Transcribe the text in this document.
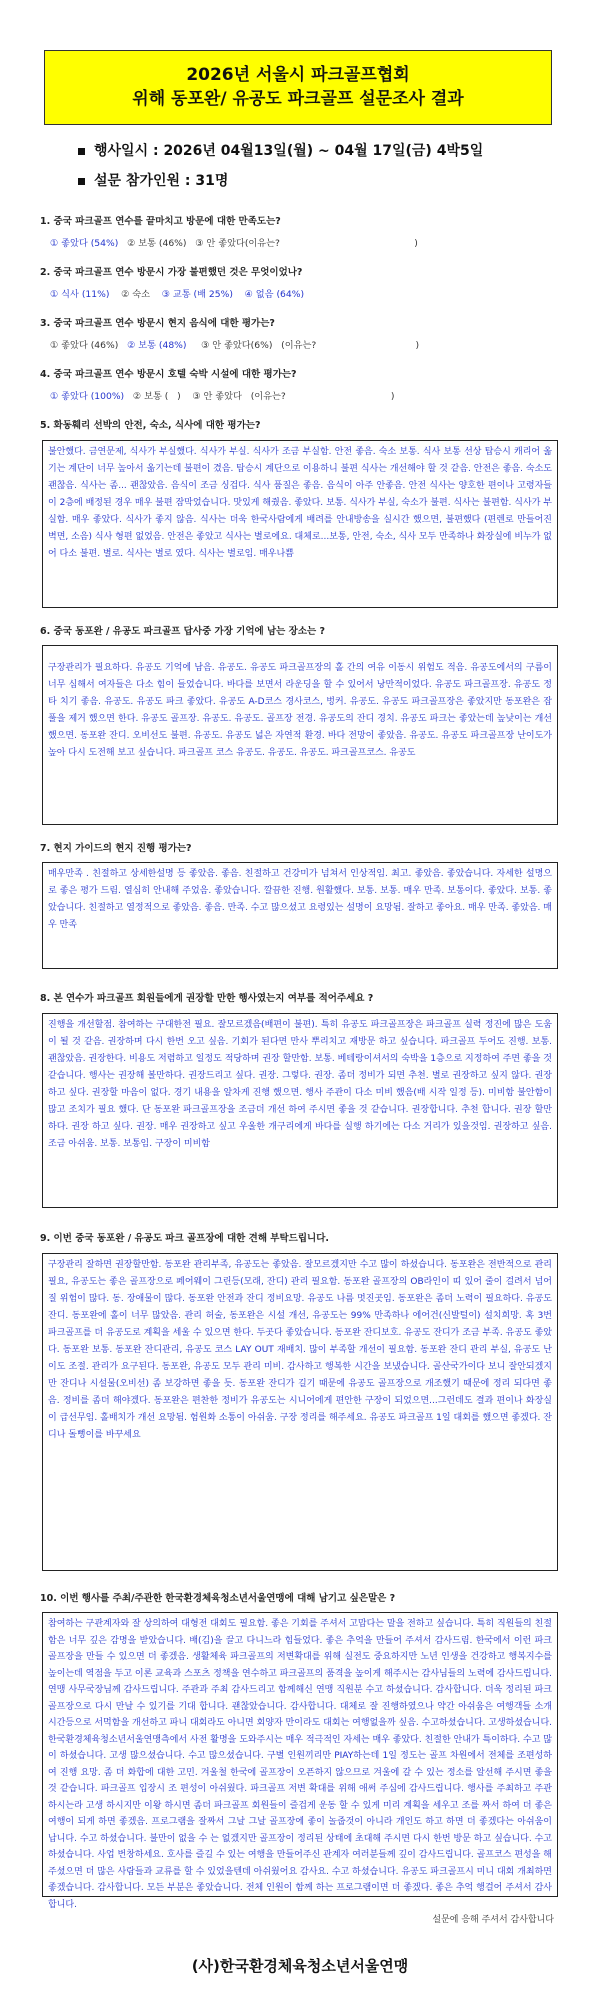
2026년 서울시 파크골프협회
위해 동포완/ 유공도 파크골프 설문조사 결과
행사일시 : 2026년 04월13일(월) ~ 04월 17일(금) 4박5일
설문 참가인원 : 31명
1. 중국 파크골프 연수를 끝마치고 방문에 대한 만족도는?
① 좋았다 (54%) ② 보통 (46%) ③ 안 좋았다(이유는?                                              )
2. 중국 파크골프 연수 방문시 가장 불편했던 것은 무엇이었나?
① 식사 (11%) ② 숙소 ③ 교통 (배 25%) ④ 없음 (64%)
3. 중국 파크골프 연수 방문시 현지 음식에 대한 평가는?
① 좋았다 (46%) ② 보통 (48%) ③ 안 좋았다(6%)   (이유는?                                  )
4. 중국 파크골프 연수 방문시 호텔 숙박 시설에 대한 평가는?
① 좋았다 (100%) ② 보통 (   ) ③ 안 좋았다   (이유는?                                    )
5. 화동훼리 선박의 안전, 숙소, 식사에 대한 평가는?
불안했다. 금연문제, 식사가 부실했다. 식사가 부실. 식사가 조금 부실함. 안전 좋음. 숙소 보통. 식사 보통 선상 탑승시 캐리어 옮기는 계단이 너무 높아서 옮기는데 불편이 겼음. 탑승시 계단으로 이용하니 불편 식사는 개선해야 할 것 같음. 안전은 좋음. 숙소도 괜찮음. 식사는 좀... 괜찮았음. 음식이 조금 싱겁다. 식사 품질은 좋음. 음식이 아주 안좋음. 안전 식사는 양호한 편이나 고령자들이 2층에 배정된 경우 매우 불편 잠막었습니다. 맛있게 해줬음. 좋았다. 보통. 식사가 부실, 숙소가 불편. 식사는 불편함. 식사가 부실함. 매우 좋았다. 식사가 좋지 않음. 식사는 더욱 한국사람에게 배려를 안내방송을 실시간 했으면, 불편했다 (편렌로 만들어진 벽면, 소음) 식사 형편 없었음. 안전은 좋았고 식사는 별로에요. 대체로...보통, 안전, 숙소, 식사 모두 만족하나 화장실에 비누가 없어 다소 불편. 별로. 식사는 별로 였다. 식사는 별로임. 매우나쁨
6. 중국 동포완 / 유공도 파크골프 답사중 가장 기억에 남는 장소는 ?
구장관리가 필요하다. 유공도 기억에 남음. 유공도. 유공도 파크골프장의 홀 간의 여유 이동시 위험도 적음. 유공도에서의 구름이 너무 심해서 여자들은 다소 힘이 들었습니다. 바다를 보면서 라운딩을 할 수 있어서 낭만적이었다. 유공도 파크골프장. 유공도 정타 치기 좋음. 유공도. 유공도 파크 좋았다. 유공도 A-D코스 경사코스, 벙커. 유공도. 유공도 파크골프장은 좋았지만 동포완은 잡풀을 제거 했으면 한다. 유공도 골프장. 유공도. 유공도. 골프장 전경. 유공도의 잔디 경치. 유공도 파크는 좋았는데 높낮이는 개선 했으면. 동포완 잔디. 오비선도 불편. 유공도. 유공도 넓은 자연적 환경. 바다 전망이 좋았음. 유공도. 유공도 파크골프장 난이도가 높아 다시 도전해 보고 싶습니다. 파크골프 코스 유공도. 유공도. 유공도. 파크골프코스. 유공도
7. 현지 가이드의 현지 진행 평가는?
매우만족 . 친절하고 상세한설명 등 좋았음. 좋음. 친절하고 건강미가 넘쳐서 인상적임. 최고. 좋았음. 좋았습니다. 자세한 설명으로 좋은 평가 드림. 열심히 안내해 주었음. 좋았습니다. 깔끔한 진행. 원활했다. 보통. 보통. 매우 만족. 보통이다. 좋았다. 보통. 좋았습니다. 친절하고 열정적으로 좋았음. 좋음. 만족. 수고 많으셨고 요령있는 설명이 요망됨. 잘하고 좋아요. 매우 만족. 좋았음. 매우 만족
8. 본 연수가 파크골프 회원들에게 권장할 만한 행사였는지 여부를 적어주세요 ?
진행을 개선할점. 참여하는 구대한전 필요. 잘모르겠음(배편이 불편). 특히 유공도 파크골프장은 파크골프 실력 정진에 많은 도움이 될 것 같음. 권장하며 다시 한번 오고 싶음. 기회가 된다면 만사 뿌리치고 재방문 하고 싶습니다. 파크골프 두어도 진행. 보통. 괜찮았음. 권장한다. 비용도 저렴하고 일정도 적당하며 권장 할만함. 보통. 베테랑이셔서의 숙박을 1층으로 지정하여 주면 좋을 것 같습니다. 행사는 권장해 볼만하다. 권장드리고 싶다. 권장. 그렇다. 권장. 좀더 정비가 되면 추천. 별로 권장하고 싶지 않다. 권장하고 싶다. 권장할 마음이 없다. 경기 내용을 알차게 진행 했으면. 행사 주관이 다소 미비 했음(배 시작 일정 등). 미비함 불안함이 많고 조치가 필요 했다. 단 동포완 파크골프장을 조금더 개선 하여 주시면 좋을 것 같습니다. 권장합니다. 추천 합니다. 권장 할만하다. 권장 하고 싶다. 권장. 매우 권장하고 싶고 우울한 개구리에게 바다를 실행 하기에는 다소 거리가 있을것임. 권장하고 싶음. 조금 아쉬움. 보통. 보통임. 구장이 미비함
9. 이번 중국 동포완 / 유공도 파크 골프장에 대한 견해 부탁드립니다.
구장관리 잘하면 권장할만함. 동포완 관리부족, 유공도는 좋았음. 잘모르겠지만 수고 많이 하셨습니다. 동포완은 전반적으로 관리 필요, 유공도는 좋은 골프장으로 페어웨이 그린등(모래, 잔디) 관리 필요함. 동포완 골프장의 OB라인이 띠 있어 줄이 걸려서 넘어질 위험이 많다. 동. 장애물이 많다. 동포완 안전과 잔디 정비요망. 유공도 나름 멋진곳임. 동포완은 좀더 노력이 필요하다. 유공도 잔디. 동포완에 홀이 너무 많았음. 관리 허술, 동포완은 시설 개선, 유공도는 99% 만족하나 에어건(신발털이) 설치희망. 혹 3번 파크골프를 더 유공도로 계획을 세울 수 있으면 한다. 두곳다 좋았습니다. 동포완 잔디보호. 유공도 잔디가 조금 부족. 유공도 좋았다. 동포완 보통. 동포완 잔디관리, 유공도 코스 LAY OUT 재배치. 많이 부족할 개선이 필요함. 동포완 잔디 관리 부실, 유공도 난이도 조절. 관리가 요구된다. 동포완, 유공도 모두 관리 미비. 감사하고 행복한 시간을 보냈습니다. 골산국가이다 보니 잘안되겠지만 잔디나 시설물(오비선) 좀 보강하면 좋을 듯. 동포완 잔디가 길기 때문에 유공도 골프장으로 개조했기 때문에 정리 되다면 좋음. 정비를 좀더 해야겠다. 동포완은 편찬한 정비가 유공도는 시니어에게 편안한 구장이 되었으면...그런데도 결과 편이나 화장실이 급선무임. 홀배치가 개선 요망됨. 험원화 소통이 아쉬움. 구장 정리를 해주세요. 유공도 파크골프 1일 대회를 했으면 좋겠다. 잔디나 돌뻥이를 바꾸세요
10. 이번 행사를 주최/주관한 한국환경체육청소년서울연맹에 대해 남기고 싶은말은 ?
참여하는 구관계자와 잘 상의하여 대형전 대회도 필요함. 좋은 기회를 주셔서 고맙다는 말을 전하고 싶습니다. 특히 직원들의 친절함은 너무 깊은 감명을 받았습니다. 배(김)을 끌고 다니느라 힘들었다. 좋은 추억을 만들어 주셔서 감사드림. 한국에서 이런 파크골프장을 만들 수 있으면 더 좋겠음. 생활체육 파크골프의 저변확대를 위해 실전도 중요하지만 노년 인생을 건강하고 행복지수를 높이는데 역점을 두고 이론 교육과 스포츠 정책을 연수하고 파크골프의 품격을 높이게 해주시는 감사님들의 노력에 감사드립니다. 연맹 사무국장님께 감사드립니다. 주관과 주최 감사드리고 함께해신 연맹 직원분 수고 하셨습니다. 감사합니다. 더욱 정리된 파크골프장으로 다시 만날 수 있기를 기대 합니다. 괜찮았습니다. 감사합니다. 대체로 잘 진행하였으나 약간 아쉬움은 여행객들 소개 시간등으로 서먹함을 개선하고 파니 대회라도 아니면 회양자 만이라도 대회는 여행없을까 싶음. 수고하셨습니다. 고생하셨습니다. 한국환경체육청소년서울연맹측에서 사전 활명을 도와주시는 매우 적극적인 자세는 매우 좋았다. 친절한 안내가 특이하다. 수고 많이 하셨습니다. 고생 많으셨습니다. 수고 많으셨습니다. 구별 인원끼리만 PIAY하는데 1일 정도는 골프 차원에서 전체를 조편성하여 진행 요망. 좀 더 화합에 대한 고민. 겨울철 한국에 골프장이 오픈하지 않으므로 겨울에 갈 수 있는 정소를 알선해 주시면 좋을 것 같습니다. 파크골프 입장시 조 편성이 아쉬웠다. 파크골프 저변 확대를 위해 애써 주심에 감사드립니다. 행사를 주최하고 주관 하시는라 고생 하시지만 이왕 하시면 좀더 파크골프 회원들이 즐겁게 운동 할 수 있게 미리 계획을 세우고 조를 짜서 하여 더 좋은 여행이 되게 하면 좋겠음. 프로그램을 잘짜서 그날 그날 골프장에 좋이 놀줍것이 아니라 개인도 하고 하면 더 좋겠다는 아쉬움이 납니다. 수고 하셨습니다. 불만이 없을 수 는 없겠지만 골프장이 정리된 상태에 초대해 주시면 다시 한번 방문 하고 싶습니다. 수고 하셨습니다. 사업 번창하세요. 호사를 즐길 수 있는 여행을 만들어주신 관계자 여러분들께 깊이 감사드립니다. 골프코스 편성을 해주셨으면 더 많은 사람들과 교류를 할 수 있었을텐데 아쉬웠어요 감사요. 수고 하셨습니다. 유공도 파크골프시 미니 대회 개최하면 좋겠습니다. 감사합니다. 모든 부분은 좋았습니다. 전체 인원이 함께 하는 프로그램이면 더 좋겠다. 좋은 추억 행걸어 주셔서 감사합니다.
설문에 응해 주셔서 감사합니다
(사)한국환경체육청소년서울연맹
